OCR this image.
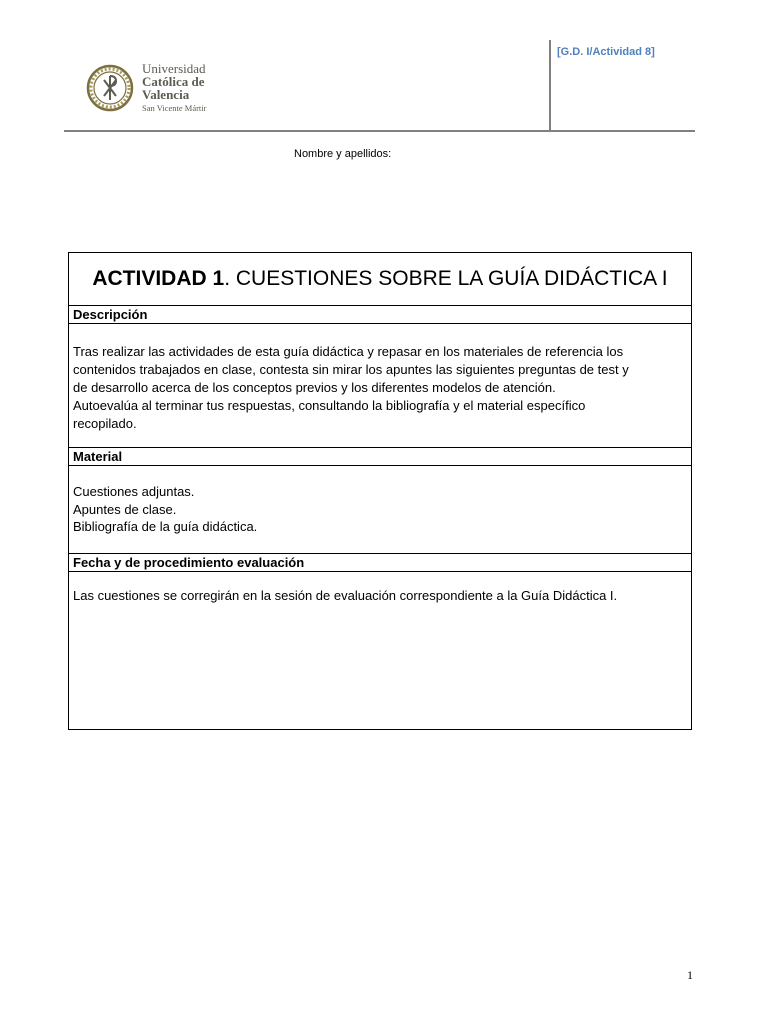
Universidad
Católica de
Valencia
San Vicente Mártir
[G.D. I/Actividad 8]
Nombre y apellidos:
ACTIVIDAD 1 . CUESTIONES SOBRE LA GUÍA DIDÁCTICA I
Descripción
Tras realizar las actividades de esta guía didáctica y repasar en los materiales de referencia los
contenidos trabajados en clase, contesta sin mirar los apuntes las siguientes preguntas de test y
de desarrollo acerca de los conceptos previos y los diferentes modelos de atención.
Autoevalúa al terminar tus respuestas, consultando la bibliografía y el material específico
recopilado.
Material
Cuestiones adjuntas.
Apuntes de clase.
Bibliografía de la guía didáctica.
Fecha y de procedimiento evaluación
Las cuestiones se corregirán en la sesión de evaluación correspondiente a la Guía Didáctica I.
1
